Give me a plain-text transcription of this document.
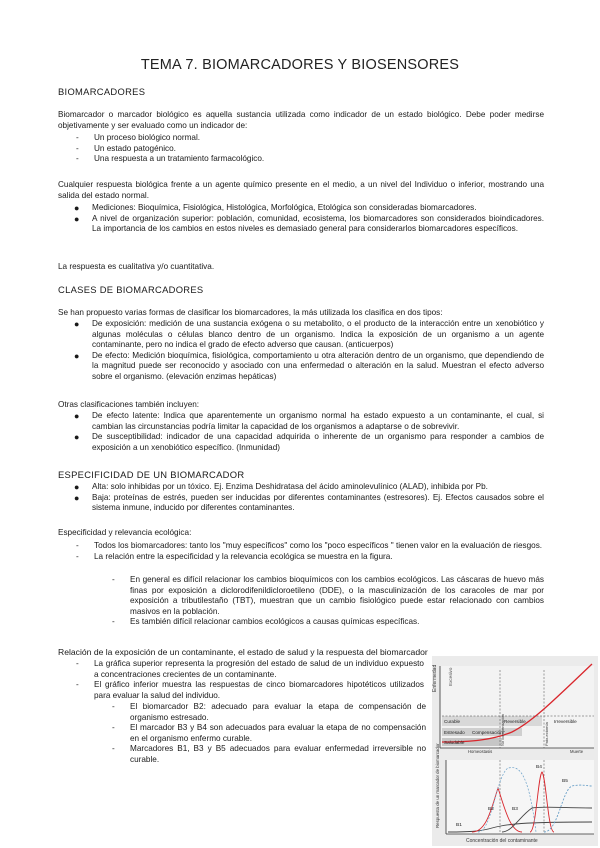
TEMA 7. BIOMARCADORES Y BIOSENSORES
BIOMARCADORES
Biomarcador o marcador biológico es aquella sustancia utilizada como indicador de un estado biológico. Debe poder medirse objetivamente y ser evaluado como un indicador de:
-	Un proceso biológico normal.
-	Un estado patogénico.
-	Una respuesta a un tratamiento farmacológico.
Cualquier respuesta biológica frente a un agente químico presente en el medio, a un nivel del Individuo o inferior, mostrando una salida del estado normal.
●	Mediciones: Bioquímica, Fisiológica, Histológica, Morfológica, Etológica son consideradas biomarcadores.
●	A nivel de organización superior: población, comunidad, ecosistema, los biomarcadores son considerados bioindicadores. La importancia de los cambios en estos niveles es demasiado general para considerarlos biomarcadores específicos.
La respuesta es cualitativa y/o cuantitativa.
CLASES DE BIOMARCADORES
Se han propuesto varias formas de clasificar los biomarcadores, la más utilizada los clasifica en dos tipos:
●	De exposición: medición de una sustancia exógena o su metabolito, o el producto de la interacción entre un xenobiótico y algunas moléculas o células blanco dentro de un organismo. Indica la exposición de un organismo a un agente contaminante, pero no indica el grado de efecto adverso que causan. (anticuerpos)
●	De efecto: Medición bioquímica, fisiológica, comportamiento u otra alteración dentro de un organismo, que dependiendo de la magnitud puede ser reconocido y asociado con una enfermedad o alteración en la salud. Muestran el efecto adverso sobre el organismo. (elevación enzimas hepáticas)
Otras clasificaciones también incluyen:
●	De efecto latente: Indica que aparentemente un organismo normal ha estado expuesto a un contaminante, el cual, si cambian las circunstancias podría limitar la capacidad de los organismos a adaptarse o de sobrevivir.
●	De susceptibilidad: indicador de una capacidad adquirida o inherente de un organismo para responder a cambios de exposición a un xenobiótico específico. (Inmunidad)
ESPECIFICIDAD DE UN BIOMARCADOR
●	Alta: solo inhibidas por un tóxico. Ej. Enzima Deshidratasa del ácido aminolevulínico (ALAD), inhibida por Pb.
●	Baja: proteínas de estrés, pueden ser inducidas por diferentes contaminantes (estresores). Ej. Efectos causados sobre el sistema inmune, inducido por diferentes contaminantes.
Especificidad y relevancia ecológica:
-	Todos los biomarcadores: tanto los "muy específicos" como los "poco específicos " tienen valor en la evaluación de riesgos.
-	La relación entre la especificidad y la relevancia ecológica se muestra en la figura.
-	En general es difícil relacionar los cambios bioquímicos con los cambios ecológicos. Las cáscaras de huevo más finas por exposición a diclorodifenildicloroetileno (DDE), o la masculinización de los caracoles de mar por exposición a tributilestaño (TBT), muestran que un cambio fisiológico puede estar relacionado con cambios masivos en la población.
-	Es también difícil relacionar cambios ecológicos a causas químicas específicas.
Relación de la exposición de un contaminante, el estado de salud y la respuesta del biomarcador
-	La gráfica superior representa la progresión del estado de salud de un individuo expuesto a concentraciones crecientes de un contaminante.
-	El gráfico inferior muestra las respuestas de cinco biomarcadores hipotéticos utilizados para evaluar la salud del individuo.
-	El biomarcador B2: adecuado para evaluar la etapa de compensación de organismo estresado.
-	El marcador B3 y B4 son adecuados para evaluar la etapa de no compensación en el organismo enfermo curable.
-	Marcadores B1, B3 y B5 adecuados para evaluar enfermedad irreversible no curable.
Enfermedad Excesivo
Curable	Reversible	Irreversible
Estresado Compensación
Saludable
Homeostasis	Muerte
No compensación	Pato-ectomía
B1
B2	B3
B4
B5
Respuesta de un marcador de biomarcador
Concentración del contaminante
